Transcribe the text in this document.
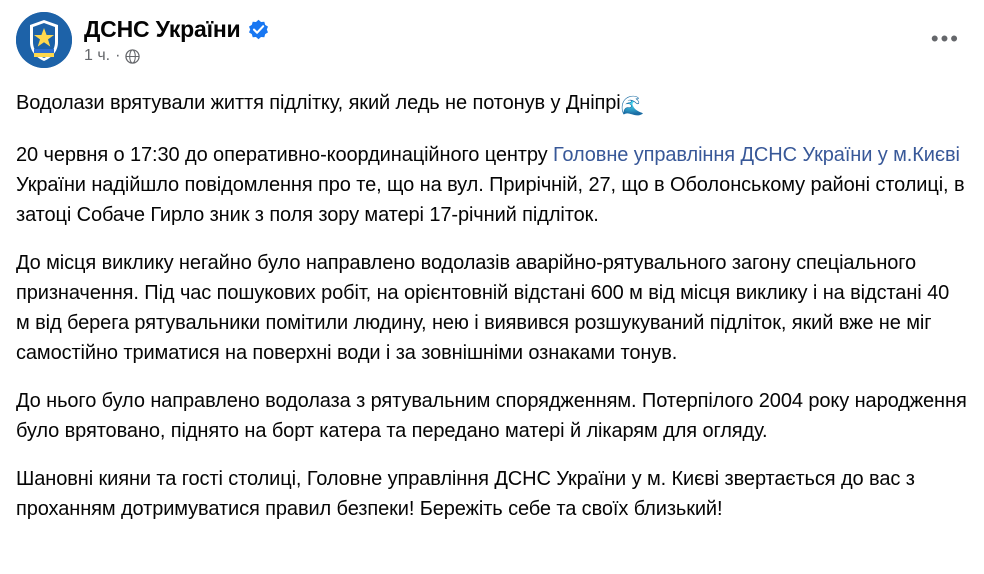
ДСНС України
1 ч. ·
•••

Водолази врятували життя підлітку, який ледь не потонув у Дніпрі🌊

20 червня о 17:30 до оперативно-координаційного центру Головне управління ДСНС України у м.Києві України надійшло повідомлення про те, що на вул. Прирічній, 27, що в Оболонському районі столиці, в затоці Собаче Гирло зник з поля зору матері 17-річний підліток.

До місця виклику негайно було направлено водолазів аварійно-рятувального загону спеціального призначення. Під час пошукових робіт, на орієнтовній відстані 600 м від місця виклику і на відстані 40 м від берега рятувальники помітили людину, нею і виявився розшукуваний підліток, який вже не міг самостійно триматися на поверхні води і за зовнішніми ознаками тонув.

До нього було направлено водолаза з рятувальним спорядженням. Потерпілого 2004 року народження було врятовано, піднято на борт катера та передано матері й лікарям для огляду.

Шановні кияни та гості столиці, Головне управління ДСНС України у м. Києві звертається до вас з проханням дотримуватися правил безпеки! Бережіть себе та своїх близький!
